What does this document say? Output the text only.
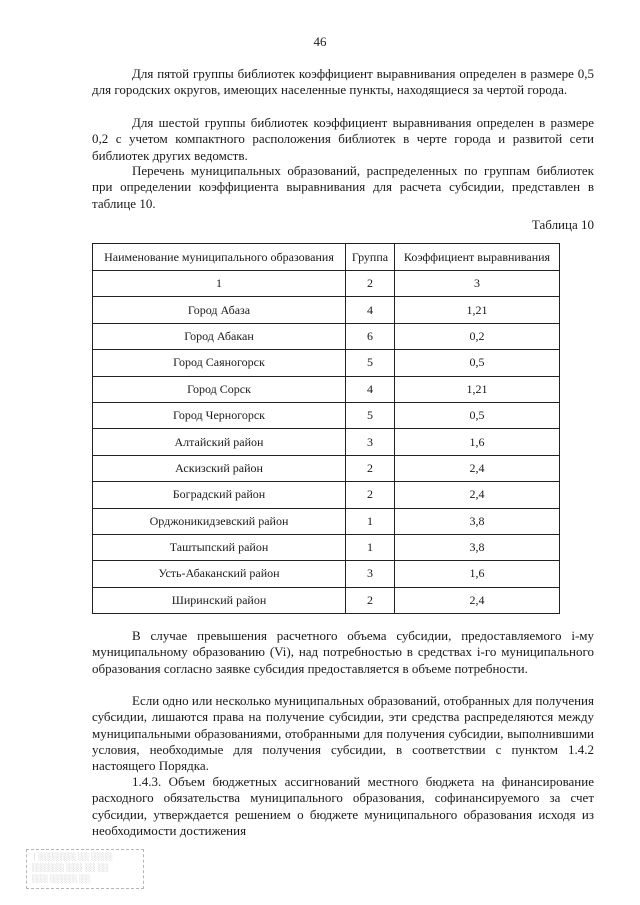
46

Для пятой группы библиотек коэффициент выравнивания определен в размере 0,5 для городских округов, имеющих населенные пункты, находящиеся за чертой города.

Для шестой группы библиотек коэффициент выравнивания определен в размере 0,2 с учетом компактного расположения библиотек в черте города и развитой сети библиотек других ведомств.

Перечень муниципальных образований, распределенных по группам библиотек при определении коэффициента выравнивания для расчета субсидии, представлен в таблице 10.

Таблица 10
Наименование муниципального образования	Группа	Коэффициент выравнивания
1	2	3
Город Абаза	4	1,21
Город Абакан	6	0,2
Город Саяногорск	5	0,5
Город Сорск	4	1,21
Город Черногорск	5	0,5
Алтайский район	3	1,6
Аскизский район	2	2,4
Боградский район	2	2,4
Орджоникидзевский район	1	3,8
Таштыпский район	1	3,8
Усть-Абаканский район	3	1,6
Ширинский район	2	2,4

В случае превышения расчетного объема субсидии, предоставляемого i-му муниципальному образованию (Vi), над потребностью в средствах i-го муниципального образования согласно заявке субсидия предоставляется в объеме потребности.

Если одно или несколько муниципальных образований, отобранных для получения субсидии, лишаются права на получение субсидии, эти средства распределяются между муниципальными образованиями, отобранными для получения субсидии, выполнившими условия, необходимые для получения субсидии, в соответствии с пунктом 1.4.2 настоящего Порядка.

1.4.3. Объем бюджетных ассигнований местного бюджета на финансирование расходного обязательства муниципального образования, софинансируемого за счет субсидии, утверждается решением о бюджете муниципального образования исходя из необходимости достижения

┊ ░░░░░░░ ░░ ░░░░
░░░░░░ ░░░ ░░ ░░
░░░ ░░░░░ ░░
